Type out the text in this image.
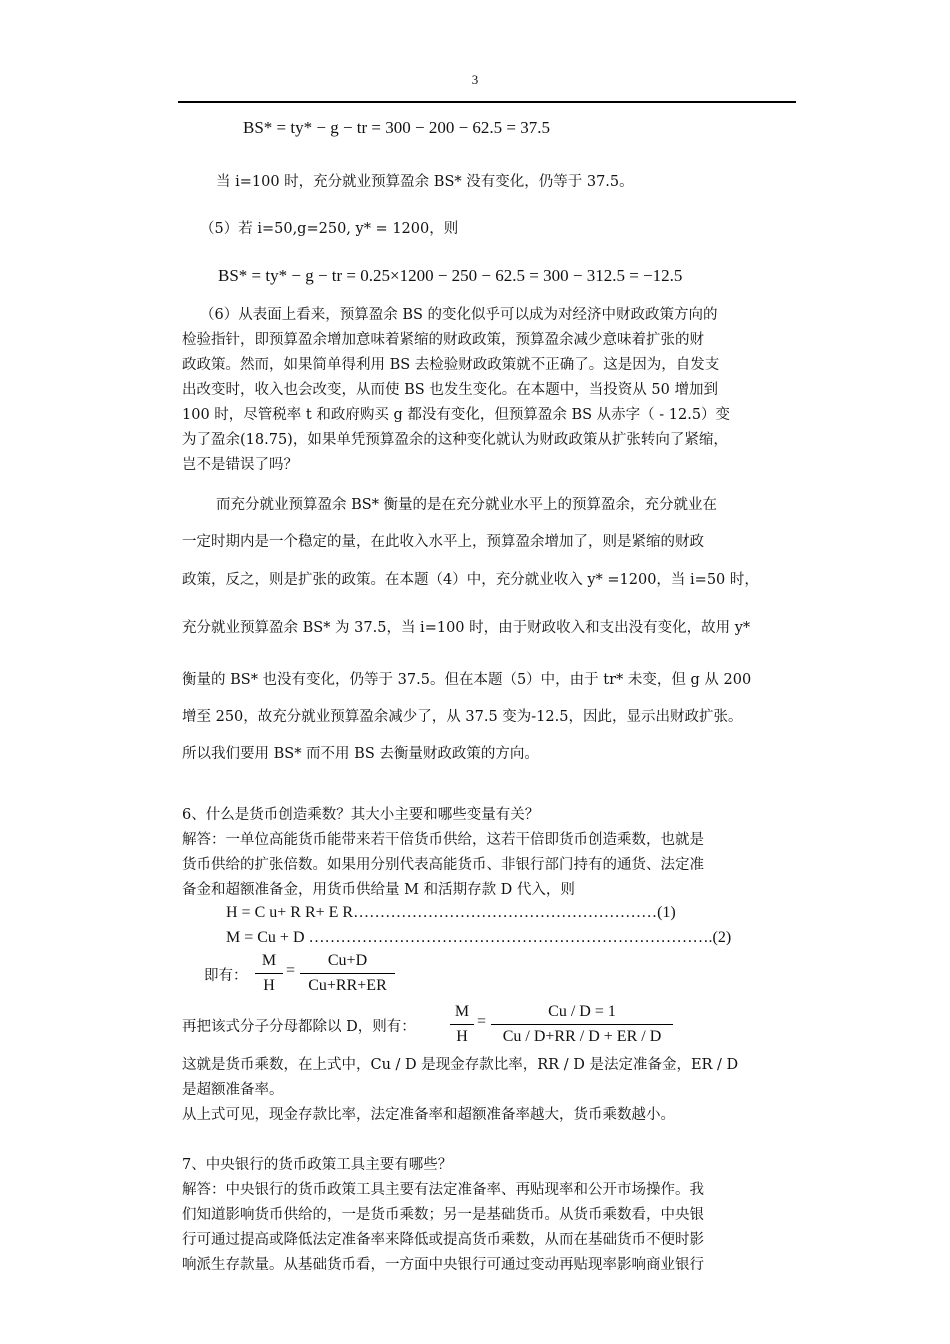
3
BS* = ty* − g − tr = 300 − 200 − 62.5 = 37.5
当 i=100 时，充分就业预算盈余 BS* 没有变化，仍等于 37.5。
（5）若 i=50,g=250, y* = 1200，则
BS* = ty* − g − tr = 0.25×1200 − 250 − 62.5 = 300 − 312.5 = −12.5
（6）从表面上看来，预算盈余 BS 的变化似乎可以成为对经济中财政政策方向的
检验指针，即预算盈余增加意味着紧缩的财政政策，预算盈余减少意味着扩张的财
政政策。然而，如果简单得利用 BS 去检验财政政策就不正确了。这是因为，自发支
出改变时，收入也会改变，从而使 BS 也发生变化。在本题中，当投资从 50 增加到
100 时，尽管税率 t 和政府购买 g 都没有变化，但预算盈余 BS 从赤字（ - 12.5）变
为了盈余(18.75)，如果单凭预算盈余的这种变化就认为财政政策从扩张转向了紧缩，
岂不是错误了吗？
而充分就业预算盈余 BS* 衡量的是在充分就业水平上的预算盈余，充分就业在
一定时期内是一个稳定的量，在此收入水平上，预算盈余增加了，则是紧缩的财政
政策，反之，则是扩张的政策。在本题（4）中，充分就业收入 y* =1200，当 i=50 时，
充分就业预算盈余 BS* 为 37.5，当 i=100 时，由于财政收入和支出没有变化，故用 y*
衡量的 BS* 也没有变化，仍等于 37.5。但在本题（5）中，由于 tr* 未变，但 g 从 200
增至 250，故充分就业预算盈余减少了，从 37.5 变为-12.5，因此，显示出财政扩张。
所以我们要用 BS* 而不用 BS 去衡量财政政策的方向。
6、什么是货币创造乘数？其大小主要和哪些变量有关？
解答：一单位高能货币能带来若干倍货币供给，这若干倍即货币创造乘数，也就是
货币供给的扩张倍数。如果用分别代表高能货币、非银行部门持有的通货、法定准
备金和超额准备金，用货币供给量 M 和活期存款 D 代入，则
H = C u+ R R+ E R…………………………………………………(1)
M = Cu + D ………………………………………………………………….(2)
即有：
M
H
=
Cu+D
Cu+RR+ER
再把该式分子分母都除以 D，则有：
M
H
=
Cu / D = 1
Cu / D+RR / D + ER / D
这就是货币乘数，在上式中，Cu / D 是现金存款比率，RR / D 是法定准备金，ER / D
是超额准备率。
从上式可见，现金存款比率，法定准备率和超额准备率越大，货币乘数越小。
7、中央银行的货币政策工具主要有哪些？
解答：中央银行的货币政策工具主要有法定准备率、再贴现率和公开市场操作。我
们知道影响货币供给的，一是货币乘数；另一是基础货币。从货币乘数看，中央银
行可通过提高或降低法定准备率来降低或提高货币乘数，从而在基础货币不便时影
响派生存款量。从基础货币看，一方面中央银行可通过变动再贴现率影响商业银行
